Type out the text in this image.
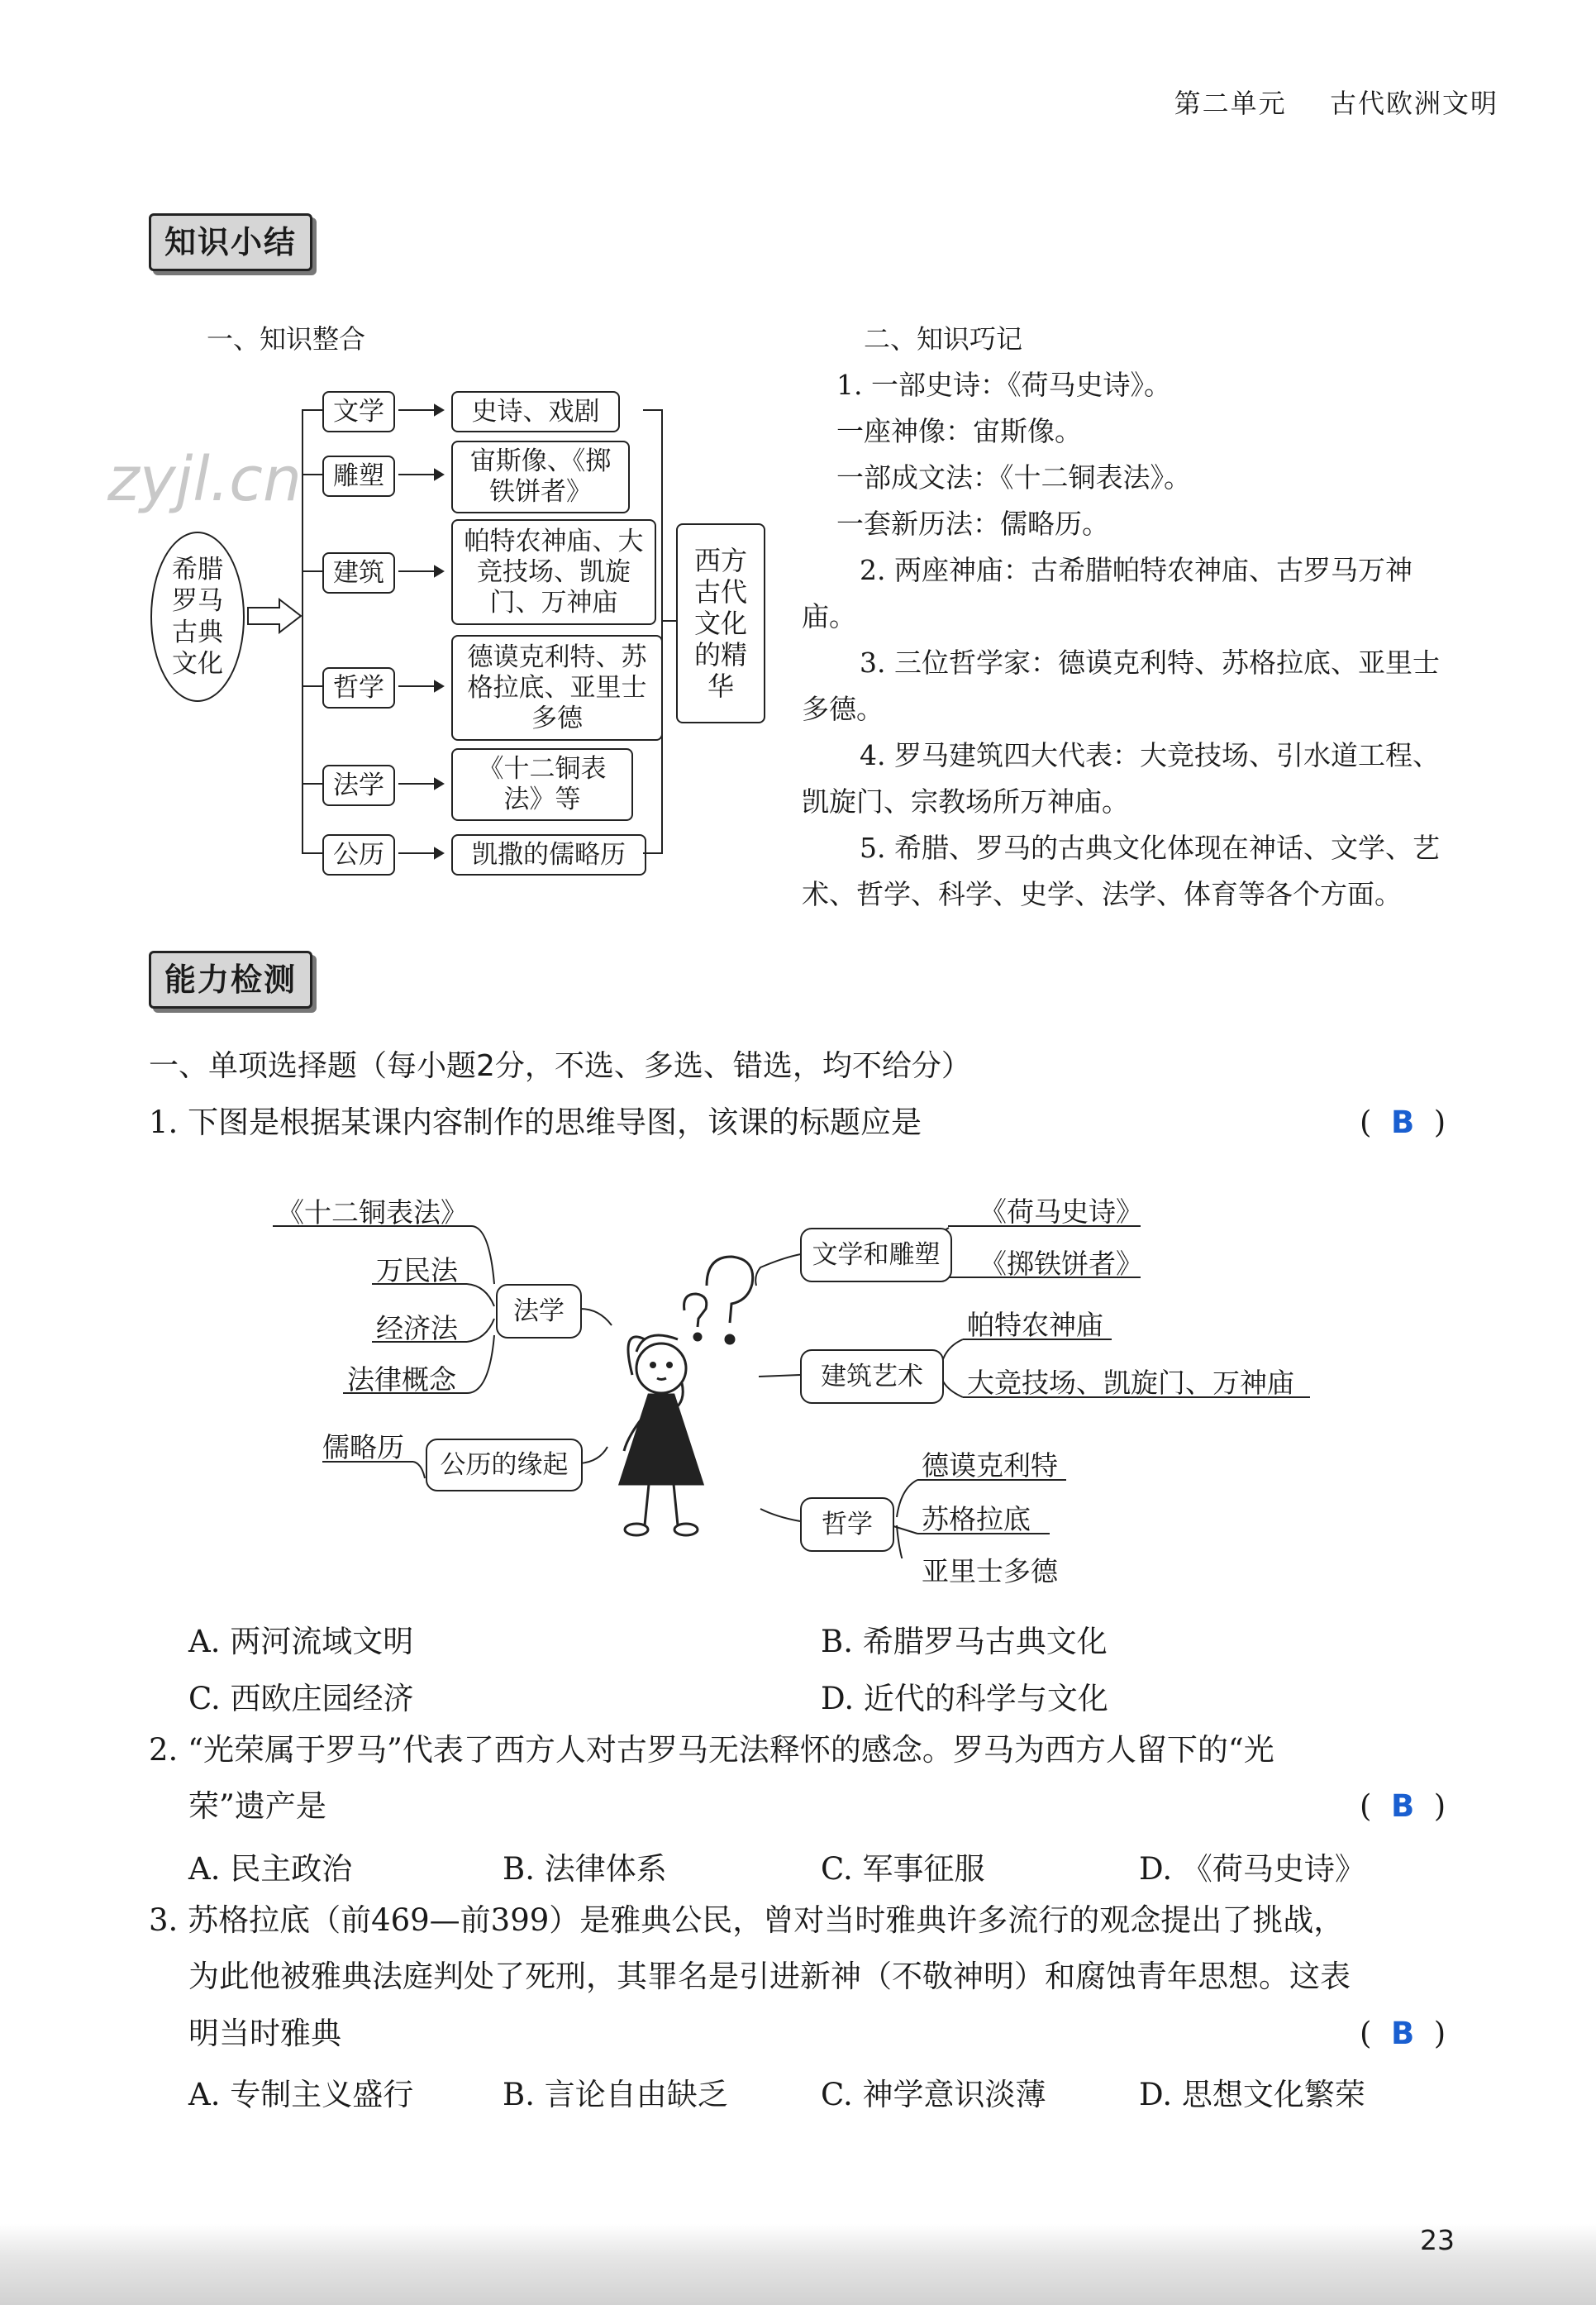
第二单元 古代欧洲文明
知识小结
一、知识整合
zyjl.cn
希腊罗马古典文化
文学
雕塑
建筑
哲学
法学
公历
史诗、戏剧
宙斯像、《掷铁饼者》
帕特农神庙、大竞技场、凯旋门、万神庙
德谟克利特、苏格拉底、亚里士多德
《十二铜表法》等
凯撒的儒略历
西方古代文化的精华
二、知识巧记
1. 一部史诗：《荷马史诗》。
一座神像：宙斯像。
一部成文法：《十二铜表法》。
一套新历法：儒略历。
2. 两座神庙：古希腊帕特农神庙、古罗马万神庙。
3. 三位哲学家：德谟克利特、苏格拉底、亚里士多德。
4. 罗马建筑四大代表：大竞技场、引水道工程、凯旋门、宗教场所万神庙。
5. 希腊、罗马的古典文化体现在神话、文学、艺术、哲学、科学、史学、法学、体育等各个方面。
能力检测
一、单项选择题（每小题2分，不选、多选、错选，均不给分）
1. 下图是根据某课内容制作的思维导图，该课的标题应是	(  B  )
《十二铜表法》
万民法
经济法
法律概念
法学
儒略历
公历的缘起
文学和雕塑
《荷马史诗》
《掷铁饼者》
建筑艺术
帕特农神庙
大竞技场、凯旋门、万神庙
哲学
德谟克利特
苏格拉底
亚里士多德
A. 两河流域文明	B. 希腊罗马古典文化
C. 西欧庄园经济	D. 近代的科学与文化
2. “光荣属于罗马”代表了西方人对古罗马无法释怀的感念。罗马为西方人留下的“光
荣”遗产是	(  B  )
A. 民主政治	B. 法律体系	C. 军事征服	D. 《荷马史诗》
3. 苏格拉底（前469—前399）是雅典公民，曾对当时雅典许多流行的观念提出了挑战，
为此他被雅典法庭判处了死刑，其罪名是引进新神（不敬神明）和腐蚀青年思想。这表
明当时雅典	(  B  )
A. 专制主义盛行	B. 言论自由缺乏	C. 神学意识淡薄	D. 思想文化繁荣
23
